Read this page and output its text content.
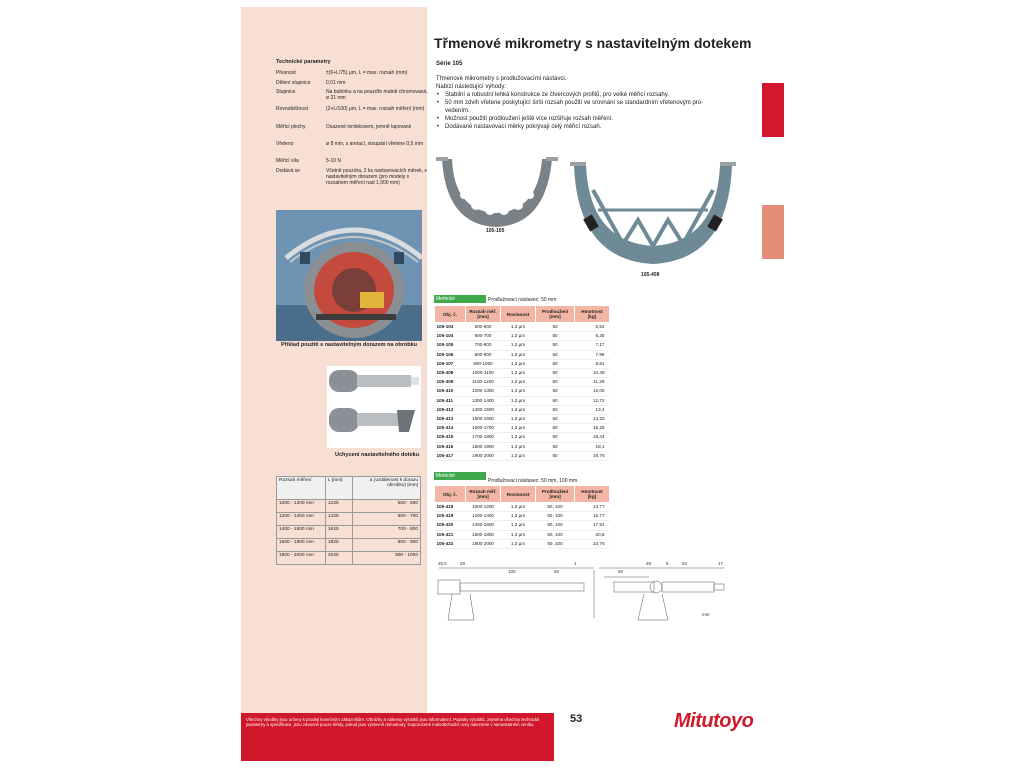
Technické parametry
Přesnost	±(6+L/75) μm, L = max. rozsah (mm)
Dělení stupnice	0,01 mm
Stupnice	Na bubínku a na pouzdře matně chromovaná, ø 21 mm
Rovnoběžnost	(2+L/100) μm, L = max. rozsah měření (mm)
Měřicí plochy	Osazené tvrdokovem, jemně lapované
Vřeteno	ø 8 mm, s aretací, stoupání vřetene 0,5 mm
Měřicí síla	5-10 N
Dodává se	Včetně pouzdra, 2 ks nastavovacích měrek, s nastavitelným dorazem (pro modely s rozsahem měření nad 1,000 mm)
Příklad použití s nastavitelným dorazem na obrobku
Uchycení nastavitelného doteku
Rozsah měření	L [mm]	a (vzdálenost k dorazu obrobku) [mm]
1000 - 1200 mm	1225	500 - 600
1200 - 1400 mm	1425	600 - 700
1400 - 1600 mm	1625	700 - 800
1600 - 1800 mm	1825	800 - 900
1800 - 2000 mm	2025	900 - 1000
Třmenové mikrometry s nastavitelným dotekem
Série 105
Třmenové mikrometry s prodlužovacími nástavci.
Nabízí následující výhody:
• Stabilní a robustní lehká konstrukce ze čtvercových profilů, pro velké měřicí rozsahy.
• 50 mm zdvih vřetene poskytující širší rozsah použití ve srovnání se standardním vřetenovým pro-
vedením.
• Možnost použití prodloužení ještě více rozšiřuje rozsah měření.
• Dodávané nastavovací měrky pokrývají celý měřicí rozsah.
105-105
105-408
Metrické	Prodlužovací nástavec: 50 mm
Obj. č.	Rozsah měř. [mm]	Rovinnost	Prodloužení [mm]	Hmotnost [kg]
105-103	500-600	1,3 µm	50	5,53
105-104	600-700	1,3 µm	50	6,35
105-105	700-800	1,3 µm	50	7,17
105-106	800-900	1,3 µm	50	7,99
105-107	900-1000	1,3 µm	50	8,81
105-408	1000-1100	1,3 µm	50	10,49
105-409	1100-1200	1,3 µm	50	11,28
105-410	1200-1300	1,3 µm	50	12,05
105-411	1300-1400	1,3 µm	50	12,72
105-412	1400-1500	1,3 µm	50	13,4
105-413	1500-1600	1,3 µm	50	14,33
105-414	1600-1700	1,3 µm	50	15,26
105-415	1700-1800	1,3 µm	50	16,44
105-416	1800-1900	1,3 µm	50	18,1
105-417	1900-2000	1,3 µm	50	19,76
Metrické
Prodlužovací nástavec: 50 mm, 100 mm
Obj. č.	Rozsah měř. [mm]	Rovinnost	Prodloužení [mm]	Hmotnost [kg]
105-418	1000-1200	1,3 µm	50, 100	13,77
105-419	1200-1400	1,3 µm	50, 100	15,77
105-420	1400-1600	1,3 µm	50, 100	17,91
105-421	1600-1800	1,3 µm	50, 100	20,8
105-422	1800-2000	1,3 µm	50, 100	22,76
25,5	28
100	50
1	28
60
8	63	17
mm
Všechny výrobky jsou určeny k prodeji konečným zákazníkům. Obrázky a nákresy výrobků jsou informativní. Popisky výrobků, zejména všechny technické parametry a specifikace, jsou závazné pouze tehdy, pokud jsou výslovně dohodnuty. Doporučené maloobchodní ceny naleznete v samostatném ceníku.	53	Mitutoyo
